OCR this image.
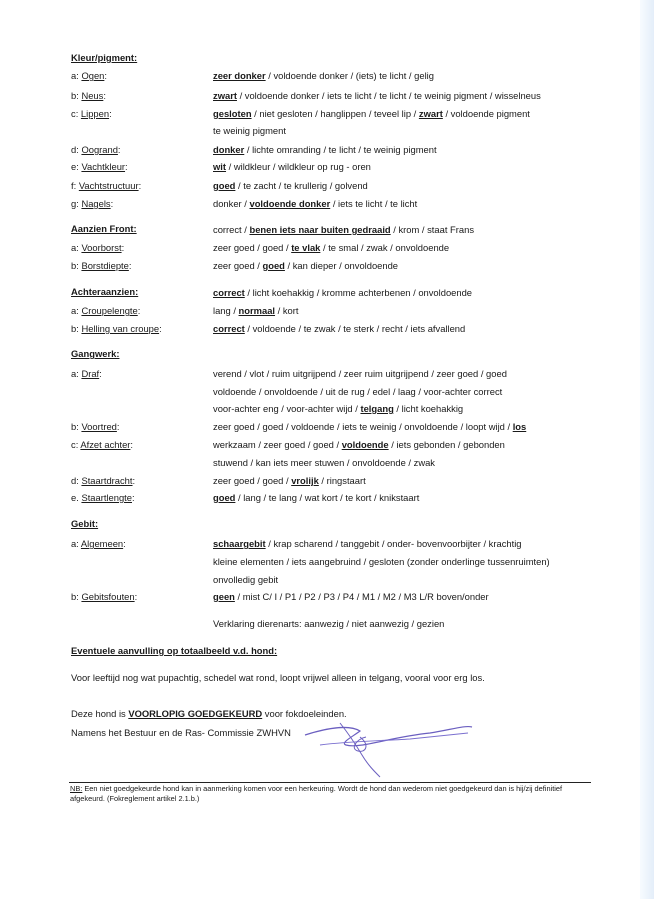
Kleur/pigment:
a: Ogen:	zeer donker / voldoende donker / (iets) te licht / gelig
b: Neus:	zwart / voldoende donker / iets te licht / te licht / te weinig pigment / wisselneus
c: Lippen:	gesloten / niet gesloten / hanglippen / teveel lip / zwart / voldoende pigment
te weinig pigment
d: Oogrand:	donker / lichte omranding / te licht / te weinig pigment
e: Vachtkleur:	wit / wildkleur / wildkleur op rug - oren
f: Vachtstructuur:	goed / te zacht / te krullerig / golvend
g: Nagels:	donker / voldoende donker / iets te licht / te licht
Aanzien Front:	correct / benen iets naar buiten gedraaid / krom / staat Frans
a: Voorborst:	zeer goed / goed / te vlak / te smal / zwak / onvoldoende
b: Borstdiepte:	zeer goed / goed / kan dieper / onvoldoende
Achteraanzien:	correct / licht koehakkig / kromme achterbenen / onvoldoende
a: Croupelengte:	lang / normaal / kort
b: Helling van croupe:	correct / voldoende / te zwak / te sterk / recht / iets afvallend
Gangwerk:
a: Draf:	verend / vlot / ruim uitgrijpend / zeer ruim uitgrijpend / zeer goed / goed
voldoende / onvoldoende / uit de rug / edel / laag / voor-achter correct
voor-achter eng / voor-achter wijd / telgang / licht koehakkig
b: Voortred:	zeer goed / goed / voldoende / iets te weinig / onvoldoende / loopt wijd / los
c: Afzet achter:	werkzaam / zeer goed / goed / voldoende / iets gebonden / gebonden
stuwend / kan iets meer stuwen / onvoldoende / zwak
d: Staartdracht:	zeer goed / goed / vrolijk / ringstaart
e. Staartlengte:	goed / lang / te lang / wat kort / te kort / knikstaart
Gebit:
a: Algemeen:	schaargebit / krap scharend / tanggebit / onder- bovenvoorbijter / krachtig
kleine elementen / iets aangebruind / gesloten (zonder onderlinge tussenruimten)
onvolledig gebit
b: Gebitsfouten:	geen / mist C/ I / P1 / P2 / P3 / P4 / M1 / M2 / M3 L/R boven/onder
Verklaring dierenarts: aanwezig / niet aanwezig / gezien
Eventuele aanvulling op totaalbeeld v.d. hond:
Voor leeftijd nog wat pupachtig, schedel wat rond, loopt vrijwel alleen in telgang, vooral voor erg los.
Deze hond is VOORLOPIG GOEDGEKEURD voor fokdoeleinden.
Namens het Bestuur en de Ras- Commissie ZWHVN
NB: Een niet goedgekeurde hond kan in aanmerking komen voor een herkeuring. Wordt de hond dan wederom niet goedgekeurd dan is hij/zij definitief afgekeurd. (Fokreglement artikel 2.1.b.)
